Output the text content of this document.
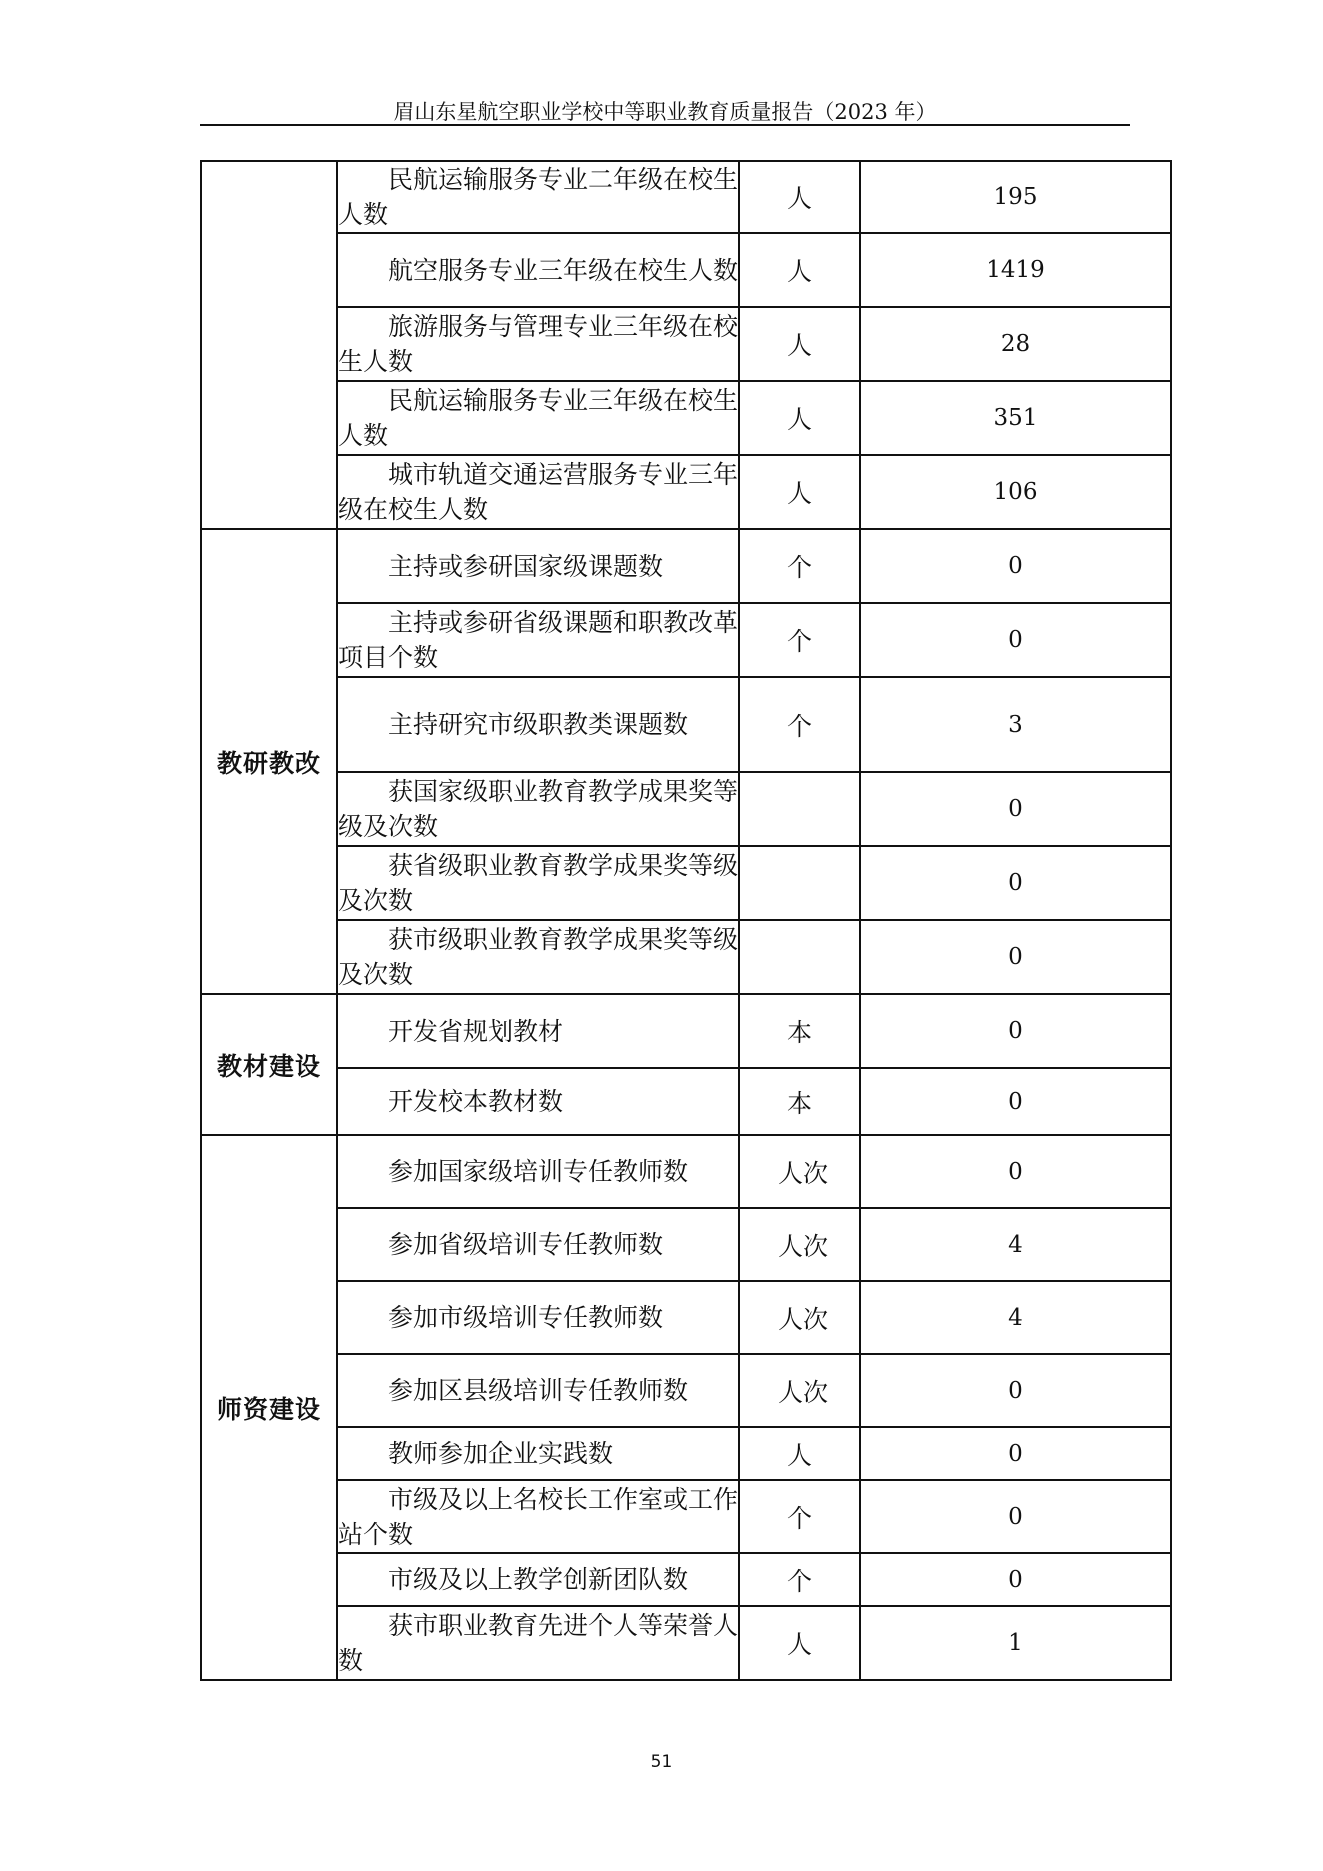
眉山东星航空职业学校中等职业教育质量报告（2023 年）

	民航运输服务专业二年级在校生人数	人	195

	航空服务专业三年级在校生人数	人	1419

	旅游服务与管理专业三年级在校生人数	人	28

	民航运输服务专业三年级在校生人数	人	351

	城市轨道交通运营服务专业三年级在校生人数	人	106
教研教改	主持或参研国家级课题数	个	0

	主持或参研省级课题和职教改革项目个数	个	0

	主持研究市级职教类课题数	个	3

	获国家级职业教育教学成果奖等级及次数		0

	获省级职业教育教学成果奖等级及次数		0

	获市级职业教育教学成果奖等级及次数		0
教材建设	开发省规划教材	本	0

	开发校本教材数	本	0
师资建设	参加国家级培训专任教师数	人次	0

	参加省级培训专任教师数	人次	4

	参加市级培训专任教师数	人次	4

	参加区县级培训专任教师数	人次	0

	教师参加企业实践数	人	0

	市级及以上名校长工作室或工作站个数	个	0

	市级及以上教学创新团队数	个	0

	获市职业教育先进个人等荣誉人数	人	1
51
